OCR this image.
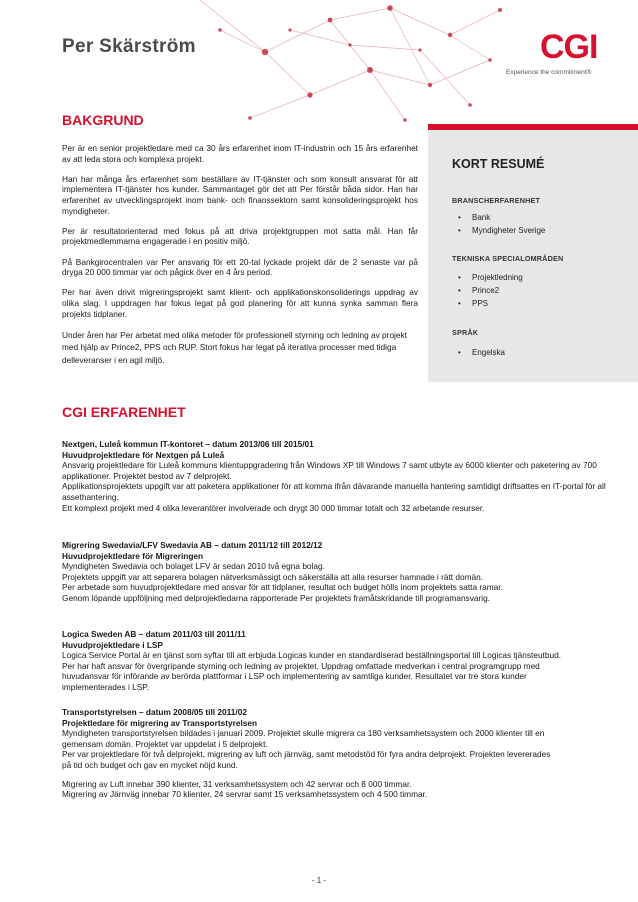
Per Skärström	CGI
Experience the commitment®
BAKGRUND

Per är en senior projektledare med ca 30 års erfarenhet inom IT-industrin och 15 års erfarenhet av att leda stora och komplexa projekt.

Han har många års erfarenhet som beställare av IT-tjänster och som konsult ansvarat för att implementera IT-tjänster hos kunder. Sammantaget gör det att Per förstår båda sidor. Han har erfarenhet av utvecklingsprojekt inom bank- och finanssektorn samt konsolideringsprojekt hos myndigheter.

Per är resultatorienterad med fokus på att driva projektgruppen mot satta mål. Han får projektmedlemmarna engagerade i en positiv miljö.

På Bankgirocentralen var Per ansvarig för ett 20-tal lyckade projekt där de 2 senaste var på dryga 20 000 timmar var och pågick över en 4 års period.

Per har även drivit migreringsprojekt samt klient- och applikationskonsoliderings uppdrag av olika slag. I uppdragen har fokus legat på god planering för att kunna synka samman flera projekts tidplaner.

Under åren har Per arbetat med olika metoder för professionell styrning och ledning av projekt med hjälp av Prince2, PPS och RUP. Stort fokus har legat på iterativa processer med tidiga delleveranser i en agil miljö.

KORT RESUMÉ
BRANSCHERFARENHET
• Bank
• Myndigheter Sverige
TEKNISKA SPECIALOMRÅDEN
• Projektledning
• Prince2
• PPS
SPRÅK
• Engelska
CGI ERFARENHET
Nextgen, Luleå kommun IT-kontoret – datum 2013/06 till 2015/01
Huvudprojektledare för Nextgen på Luleå

Ansvarig projektledare för Luleå kommuns klientuppgradering från Windows XP till Windows 7 samt utbyte av 6000 klienter och paketering av 700 applikationer. Projektet bestod av 7 delprojekt.

Applikationsprojektets uppgift var att paketera applikationer för att komma ifrån dävarande manuella hantering samtidigt driftsattes en IT-portal för all assethantering.

Ett komplext projekt med 4 olika leverantörer involverade och drygt 30 000 timmar totalt och 32 arbetande resurser.

Migrering Swedavia/LFV Swedavia AB – datum 2011/12 till 2012/12
Huvudprojektledare för Migreringen

Myndigheten Swedavia och bolaget LFV är sedan 2010 två egna bolag.

Projektets uppgift var att separera bolagen nätverksmässigt och säkerställa att alla resurser hamnade i rätt domän.

Per arbetade som huvudprojektledare med ansvar för att tidplaner, resultat och budget hölls inom projektets satta ramar. Genom löpande uppföljning med delprojektledarna rapporterade Per projektets framåtskridande till programansvarig.

Logica Sweden AB – datum 2011/03 till 2011/11
Huvudprojektledare i LSP

Logica Service Portal är en tjänst som syftar till att erbjuda Logicas kunder en standardiserad beställningsportal till Logicas tjänsteutbud. Per har haft ansvar för övergripande styrning och ledning av projektet. Uppdrag omfattade medverkan i central programgrupp med huvudansvar för införande av berörda plattformar i LSP och implementering av samtliga kunder. Resultatet var tre stora kunder implementerades i LSP.

Transportstyrelsen – datum 2008/05 till 2011/02
Projektledare för migrering av Transportstyrelsen

Myndigheten transportstyrelsen bildades i januari 2009. Projektet skulle migrera ca 180 verksamhetssystem och 2000 klienter till en gemensam domän. Projektet var uppdelat i 5 delprojekt.

Per var projektledare för två delprojekt, migrering av luft och järnväg, samt metodstöd för fyra andra delprojekt. Projekten levererades på tid och budget och gav en mycket nöjd kund.

Migrering av Luft innebar 390 klienter, 31 verksamhetssystem och 42 servrar och 8 000 timmar.

Migrering av Järnväg innebar 70 klienter, 24 servrar samt 15 verksamhetssystem och 4 500 timmar.

- 1 -
